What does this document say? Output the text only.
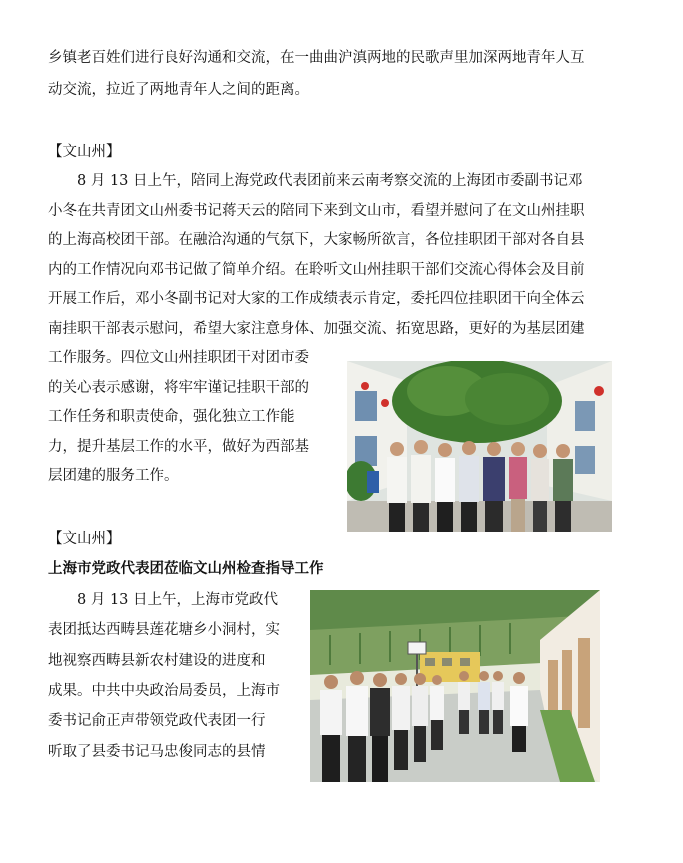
乡镇老百姓们进行良好沟通和交流，在一曲曲沪滇两地的民歌声里加深两地青年人互
动交流，拉近了两地青年人之间的距离。
【文山州】
　　8 月 13 日上午，陪同上海党政代表团前来云南考察交流的上海团市委副书记邓
小冬在共青团文山州委书记蒋天云的陪同下来到文山市，看望并慰问了在文山州挂职
的上海高校团干部。在融洽沟通的气氛下，大家畅所欲言，各位挂职团干部对各自县
内的工作情况向邓书记做了简单介绍。在聆听文山州挂职干部们交流心得体会及目前
开展工作后，邓小冬副书记对大家的工作成绩表示肯定，委托四位挂职团干向全体云
南挂职干部表示慰问，希望大家注意身体、加强交流、拓宽思路，更好的为基层团建
工作服务。四位文山州挂职团干对团市委
的关心表示感谢，将牢牢谨记挂职干部的
工作任务和职责使命，强化独立工作能
力，提升基层工作的水平，做好为西部基
层团建的服务工作。
【文山州】
上海市党政代表团莅临文山州检查指导工作
　　8 月 13 日上午，上海市党政代
表团抵达西畴县莲花塘乡小洞村，实
地视察西畴县新农村建设的进度和
成果。中共中央政治局委员，上海市
委书记俞正声带领党政代表团一行
听取了县委书记马忠俊同志的县情
